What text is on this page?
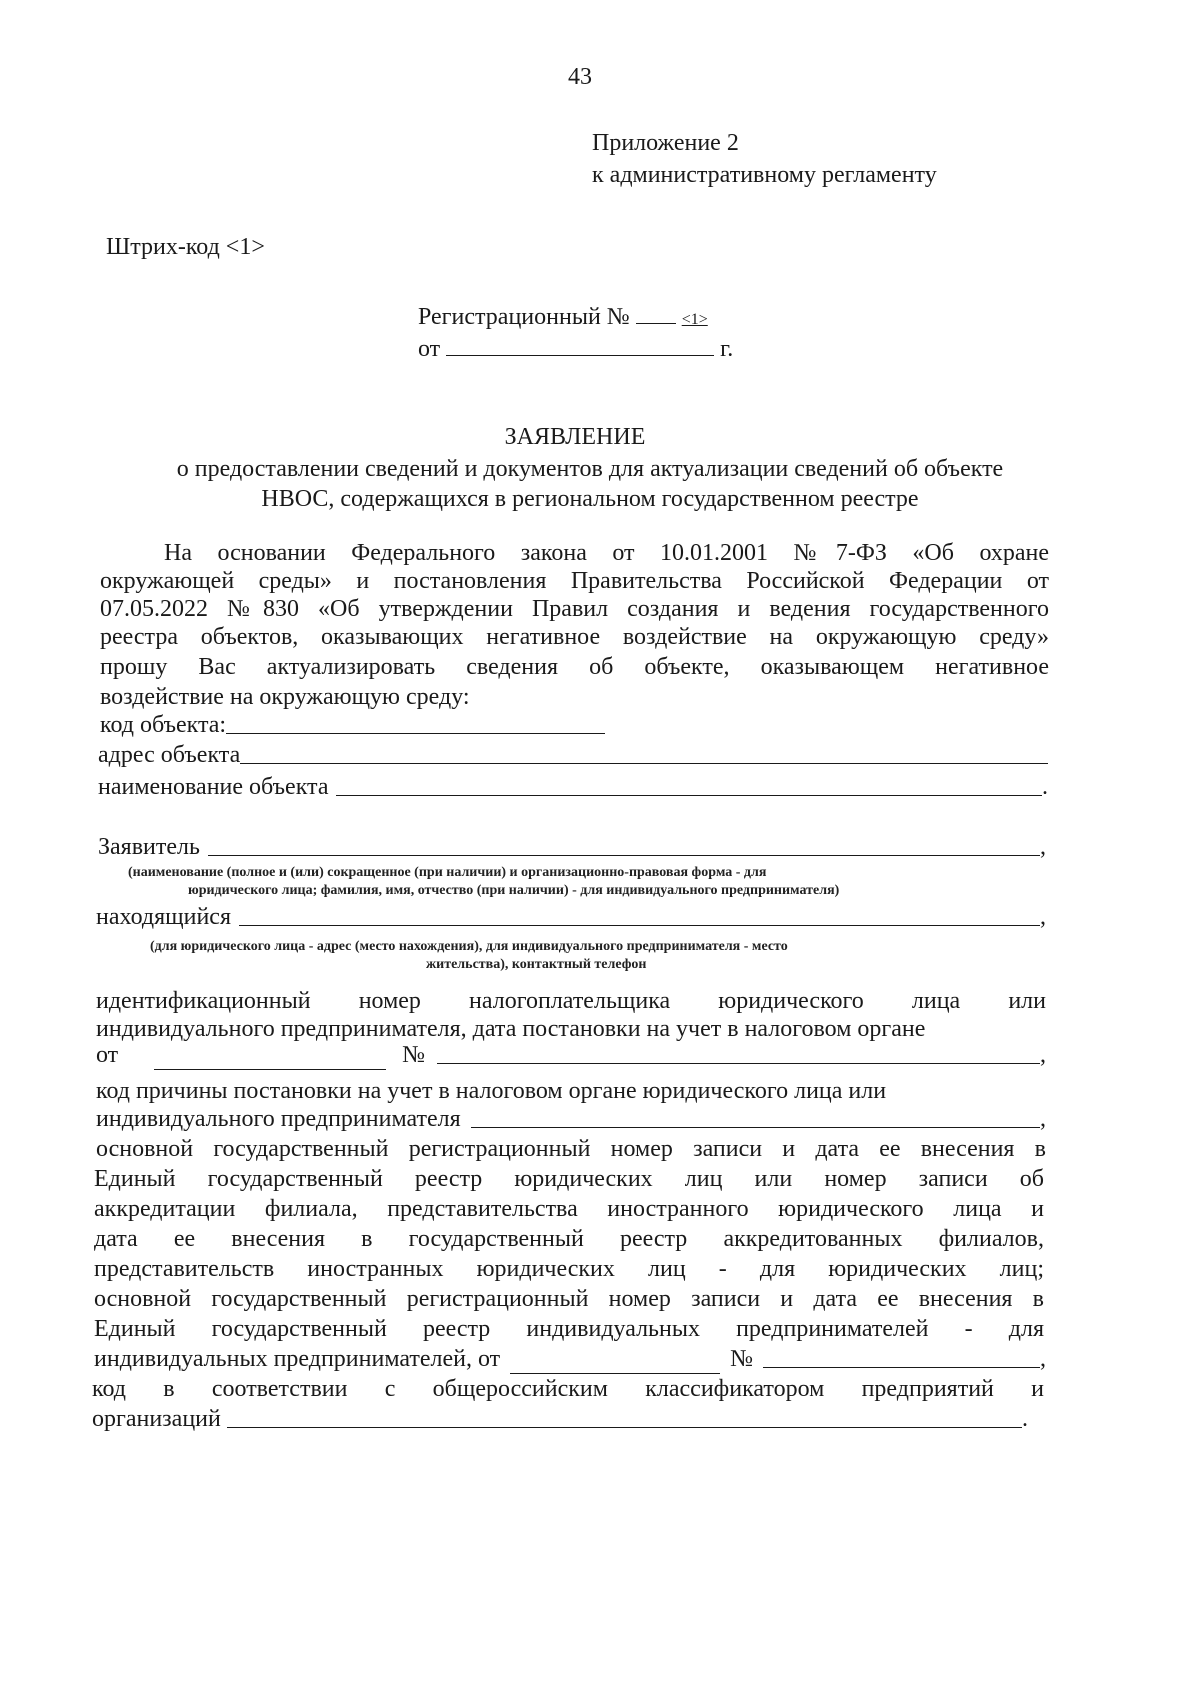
43
Приложение 2
к административному регламенту
Штрих-код <1>
Регистрационный №	<1>
от	г.
ЗАЯВЛЕНИЕ
о предоставлении сведений и документов для актуализации сведений об объекте
НВОС, содержащихся в региональном государственном реестре
На основании Федерального закона от 10.01.2001 №7-ФЗ «Об охране
окружающей среды» и постановления Правительства Российской Федерации от
07.05.2022 №830 «Об утверждении Правил создания и ведения государственного
реестра объектов, оказывающих негативное воздействие на окружающую среду»
прошу Вас актуализировать сведения об объекте, оказывающем негативное
воздействие на окружающую среду:
код объекта:
адрес объекта
наименование объекта	.
Заявитель	,
(наименование (полное и (или) сокращенное (при наличии) и организационно-правовая форма - для
юридического лица; фамилия, имя, отчество (при наличии) - для индивидуального предпринимателя)
находящийся	,
(для юридического лица - адрес (место нахождения), для индивидуального предпринимателя - место
жительства), контактный телефон
идентификационный номер налогоплательщика юридического лица или
индивидуального предпринимателя, дата постановки на учет в налоговом органе
от	№	,
код причины постановки на учет в налоговом органе юридического лица или
индивидуального предпринимателя	,
основной государственный регистрационный номер записи и дата ее внесения в
Единый государственный реестр юридических лиц или номер записи об
аккредитации филиала, представительства иностранного юридического лица и
дата ее внесения в государственный реестр аккредитованных филиалов,
представительств иностранных юридических лиц - для юридических лиц;
основной государственный регистрационный номер записи и дата ее внесения в
Единый государственный реестр индивидуальных предпринимателей - для
индивидуальных предпринимателей, от	№	,
код в соответствии с общероссийским классификатором предприятий и
организаций	.
